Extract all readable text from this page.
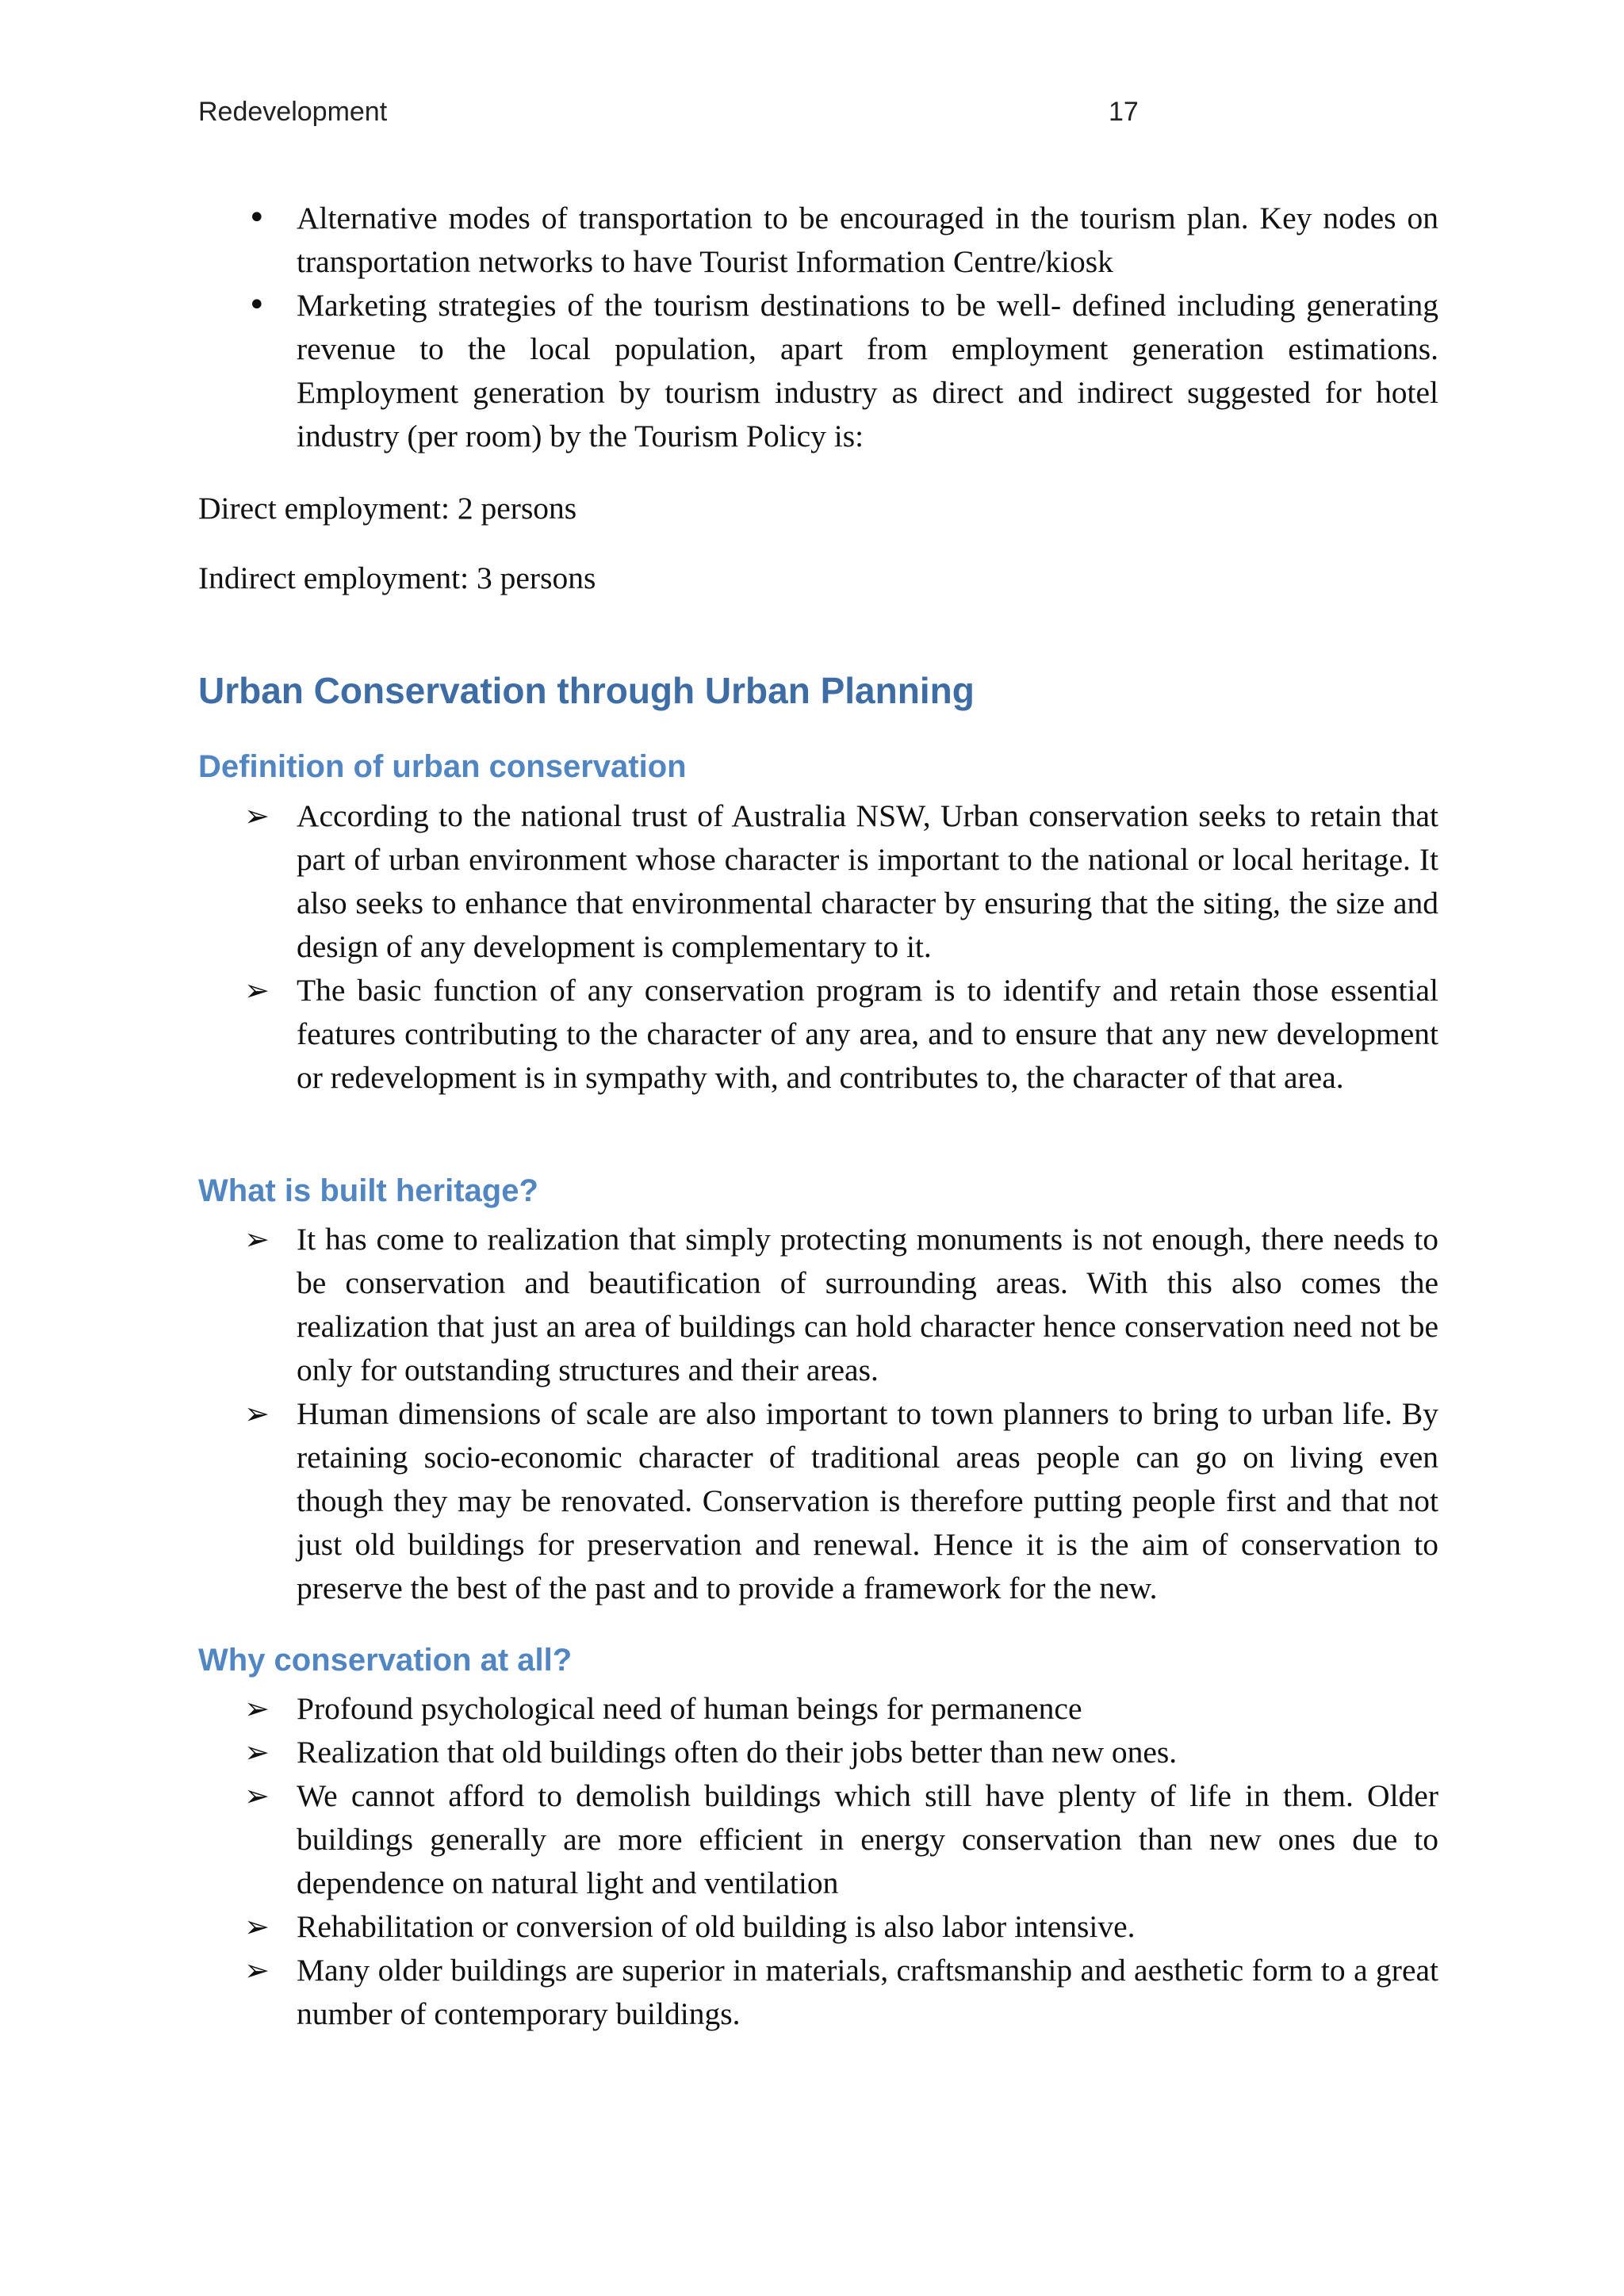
Redevelopment	17
• Alternative modes of transportation to be encouraged in the tourism plan. Key nodes on transportation networks to have Tourist Information Centre/kiosk
• Marketing strategies of the tourism destinations to be well- defined including generating revenue to the local population, apart from employment generation estimations. Employment generation by tourism industry as direct and indirect suggested for hotel industry (per room) by the Tourism Policy is:
Direct employment: 2 persons
Indirect employment: 3 persons
Urban Conservation through Urban Planning
Definition of urban conservation
➢ According to the national trust of Australia NSW, Urban conservation seeks to retain that part of urban environment whose character is important to the national or local heritage. It also seeks to enhance that environmental character by ensuring that the siting, the size and design of any development is complementary to it.
➢ The basic function of any conservation program is to identify and retain those essential features contributing to the character of any area, and to ensure that any new development or redevelopment is in sympathy with, and contributes to, the character of that area.
What is built heritage?
➢ It has come to realization that simply protecting monuments is not enough, there needs to be conservation and beautification of surrounding areas. With this also comes the realization that just an area of buildings can hold character hence conservation need not be only for outstanding structures and their areas.
➢ Human dimensions of scale are also important to town planners to bring to urban life. By retaining socio-economic character of traditional areas people can go on living even though they may be renovated. Conservation is therefore putting people first and that not just old buildings for preservation and renewal. Hence it is the aim of conservation to preserve the best of the past and to provide a framework for the new.
Why conservation at all?
➢ Profound psychological need of human beings for permanence
➢ Realization that old buildings often do their jobs better than new ones.
➢ We cannot afford to demolish buildings which still have plenty of life in them. Older buildings generally are more efficient in energy conservation than new ones due to dependence on natural light and ventilation
➢ Rehabilitation or conversion of old building is also labor intensive.
➢ Many older buildings are superior in materials, craftsmanship and aesthetic form to a great number of contemporary buildings.
